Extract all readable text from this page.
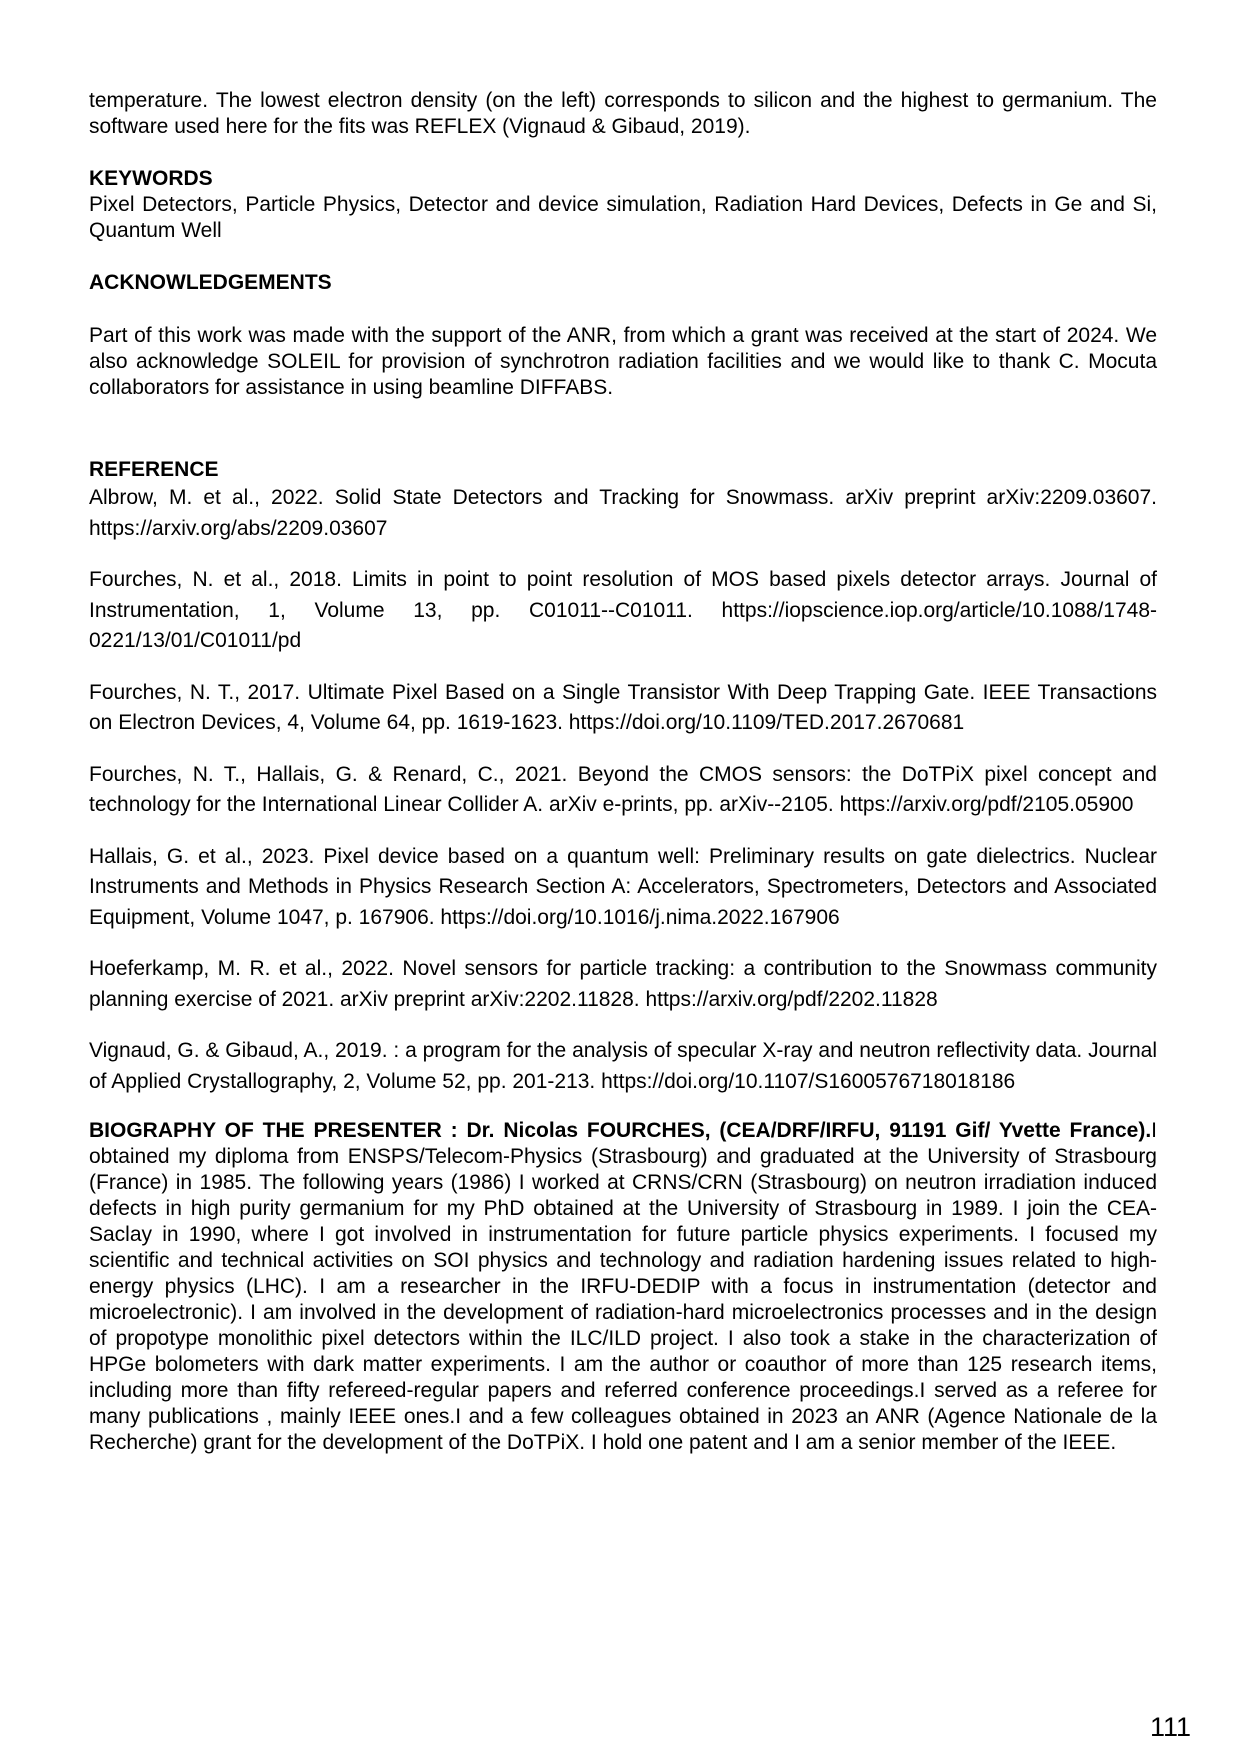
temperature. The lowest electron density (on the left) corresponds to silicon and the highest to germanium. The software used here for the fits was REFLEX (Vignaud & Gibaud, 2019).

KEYWORDS

Pixel Detectors, Particle Physics, Detector and device simulation, Radiation Hard Devices, Defects in Ge and Si, Quantum Well

ACKNOWLEDGEMENTS

Part of this work was made with the support of the ANR, from which a grant was received at the start of 2024. We also acknowledge SOLEIL for provision of synchrotron radiation facilities and we would like to thank C. Mocuta collaborators for assistance in using beamline DIFFABS.

REFERENCE

Albrow, M. et al., 2022. Solid State Detectors and Tracking for Snowmass. arXiv preprint arXiv:2209.03607. https://arxiv.org/abs/2209.03607

Fourches, N. et al., 2018. Limits in point to point resolution of MOS based pixels detector arrays. Journal of Instrumentation, 1, Volume 13, pp. C01011--C01011. https://iopscience.iop.org/article/10.1088/1748-0221/13/01/C01011/pd

Fourches, N. T., 2017. Ultimate Pixel Based on a Single Transistor With Deep Trapping Gate. IEEE Transactions on Electron Devices, 4, Volume 64, pp. 1619-1623. https://doi.org/10.1109/TED.2017.2670681

Fourches, N. T., Hallais, G. & Renard, C., 2021. Beyond the CMOS sensors: the DoTPiX pixel concept and technology for the International Linear Collider A. arXiv e-prints, pp. arXiv--2105. https://arxiv.org/pdf/2105.05900

Hallais, G. et al., 2023. Pixel device based on a quantum well: Preliminary results on gate dielectrics. Nuclear Instruments and Methods in Physics Research Section A: Accelerators, Spectrometers, Detectors and Associated Equipment, Volume 1047, p. 167906. https://doi.org/10.1016/j.nima.2022.167906

Hoeferkamp, M. R. et al., 2022. Novel sensors for particle tracking: a contribution to the Snowmass community planning exercise of 2021. arXiv preprint arXiv:2202.11828. https://arxiv.org/pdf/2202.11828

Vignaud, G. & Gibaud, A., 2019. : a program for the analysis of specular X-ray and neutron reflectivity data. Journal of Applied Crystallography, 2, Volume 52, pp. 201-213. https://doi.org/10.1107/S1600576718018186

BIOGRAPHY OF THE PRESENTER : Dr. Nicolas FOURCHES, (CEA/DRF/IRFU, 91191 Gif/ Yvette France).I obtained my diploma from ENSPS/Telecom-Physics (Strasbourg) and graduated at the University of Strasbourg (France) in 1985. The following years (1986) I worked at CRNS/CRN (Strasbourg) on neutron irradiation induced defects in high purity germanium for my PhD obtained at the University of Strasbourg in 1989. I join the CEA-Saclay in 1990, where I got involved in instrumentation for future particle physics experiments. I focused my scientific and technical activities on SOI physics and technology and radiation hardening issues related to high-energy physics (LHC). I am a researcher in the IRFU-DEDIP with a focus in instrumentation (detector and microelectronic). I am involved in the development of radiation-hard microelectronics processes and in the design of propotype monolithic pixel detectors within the ILC/ILD project. I also took a stake in the characterization of HPGe bolometers with dark matter experiments. I am the author or coauthor of more than 125 research items, including more than fifty refereed-regular papers and referred conference proceedings.I served as a referee for many publications , mainly IEEE ones.I and a few colleagues obtained in 2023 an ANR (Agence Nationale de la Recherche) grant for the development of the DoTPiX. I hold one patent and I am a senior member of the IEEE.

111
